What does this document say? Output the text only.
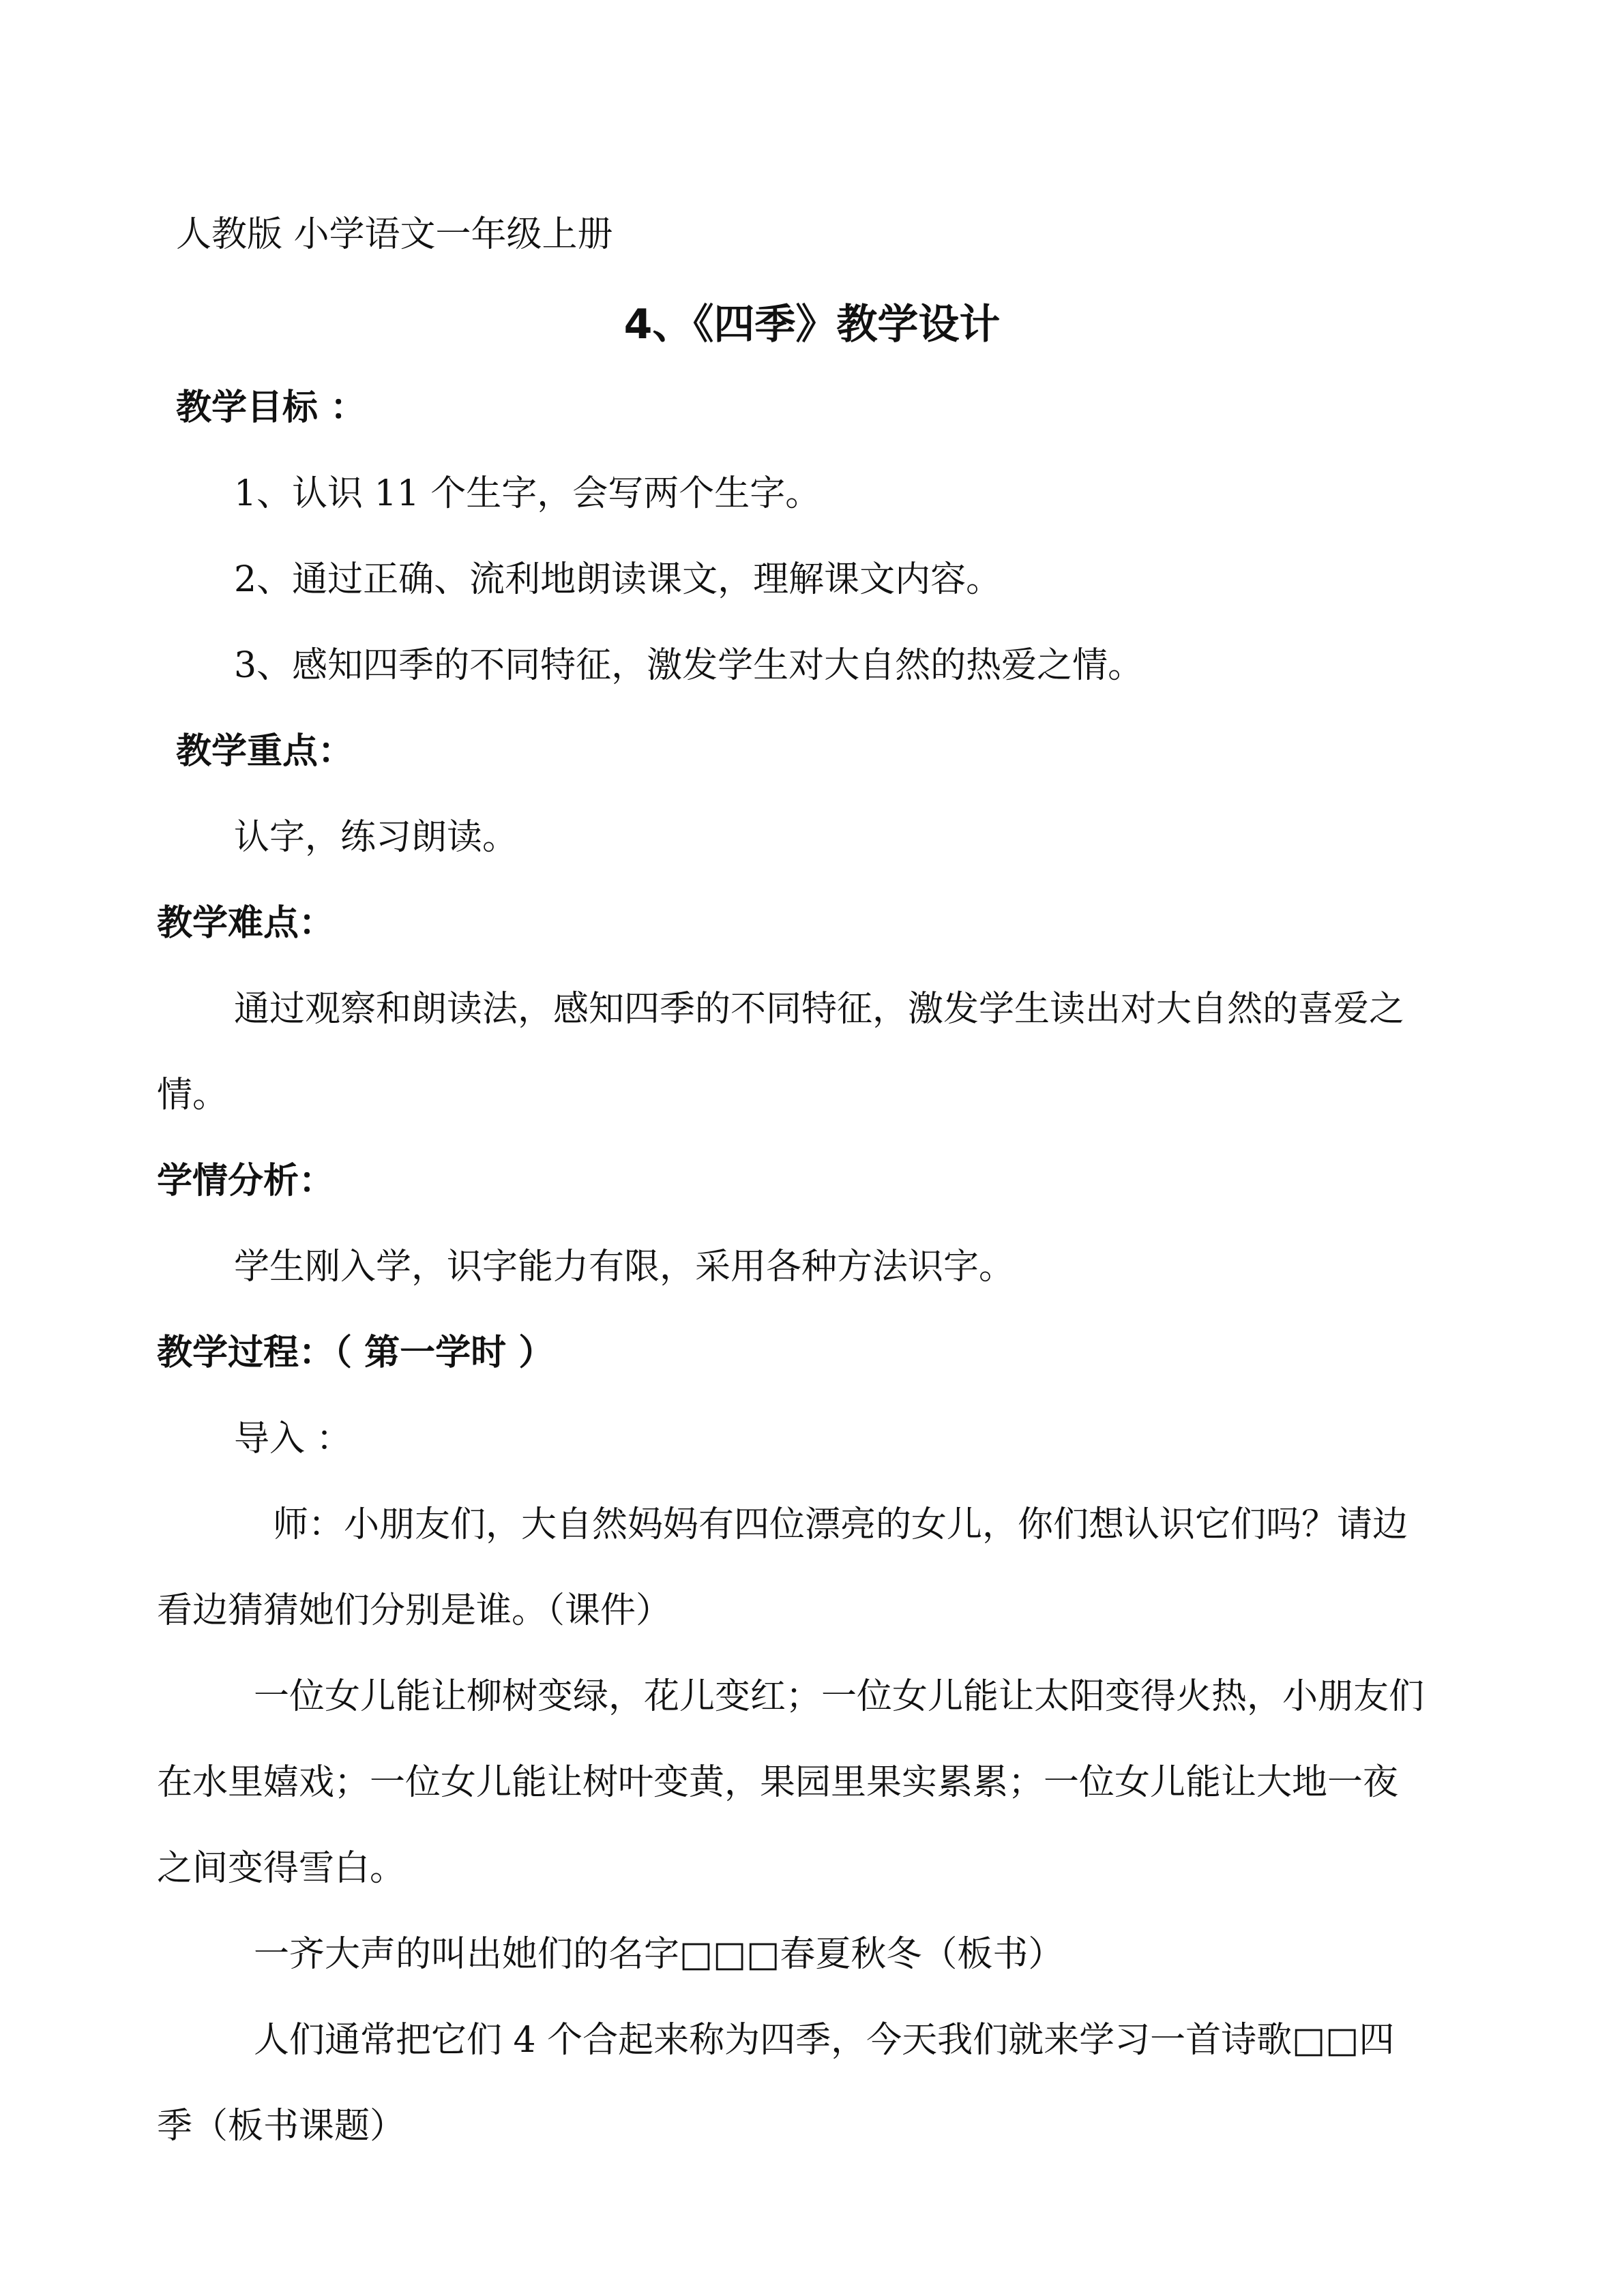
人教版 小学语文一年级上册
4、《四季》教学设计
教学目标 ：
1、认识 11 个生字，会写两个生字。
2、通过正确、流利地朗读课文，理解课文内容。
3、感知四季的不同特征，激发学生对大自然的热爱之情。
教学重点：
认字，练习朗读。
教学难点：
通过观察和朗读法，感知四季的不同特征，激发学生读出对大自然的喜爱之
情。
学情分析：
学生刚入学，识字能力有限，采用各种方法识字。
教学过程：（ 第一学时 ）
导入 ：
师：小朋友们，大自然妈妈有四位漂亮的女儿，你们想认识它们吗？请边
看边猜猜她们分别是谁。（课件）
一位女儿能让柳树变绿，花儿变红；一位女儿能让太阳变得火热，小朋友们
在水里嬉戏；一位女儿能让树叶变黄，果园里果实累累；一位女儿能让大地一夜
之间变得雪白。
一齐大声的叫出她们的名字□□□春夏秋冬（板书）
人们通常把它们 4 个合起来称为四季，今天我们就来学习一首诗歌□□四
季（板书课题）
